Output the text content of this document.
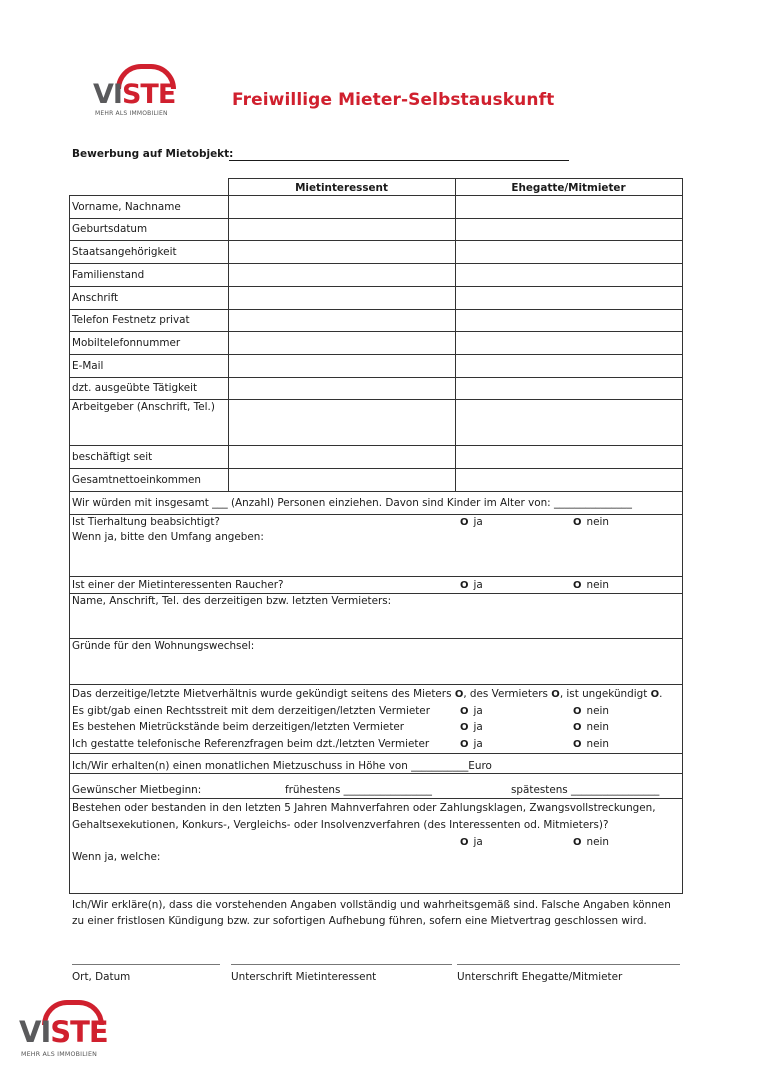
VISTE
MEHR ALS IMMOBILIEN
Freiwillige Mieter-Selbstauskunft
Bewerbung auf Mietobjekt:
Mietinteressent	Ehegatte/Mitmieter
Vorname, Nachname
Geburtsdatum
Staatsangehörigkeit
Familienstand
Anschrift
Telefon Festnetz privat
Mobiltelefonnummer
E-Mail
dzt. ausgeübte Tätigkeit
Arbeitgeber (Anschrift, Tel.)
beschäftigt seit
Gesamtnettoeinkommen
Wir würden mit insgesamt ___ (Anzahl) Personen einziehen. Davon sind Kinder im Alter von: _______________
Ist Tierhaltung beabsichtigt?	O ja	O nein
Wenn ja, bitte den Umfang angeben:
Ist einer der Mietinteressenten Raucher?	O ja	O nein
Name, Anschrift, Tel. des derzeitigen bzw. letzten Vermieters:
Gründe für den Wohnungswechsel:
Das derzeitige/letzte Mietverhältnis wurde gekündigt seitens des Mieters O, des Vermieters O, ist ungekündigt O.
Es gibt/gab einen Rechtsstreit mit dem derzeitigen/letzten Vermieter	O ja	O nein
Es bestehen Mietrückstände beim derzeitigen/letzten Vermieter	O ja	O nein
Ich gestatte telefonische Referenzfragen beim dzt./letzten Vermieter	O ja	O nein
Ich/Wir erhalten(n) einen monatlichen Mietzuschuss in Höhe von ___________Euro
Gewünscher Mietbeginn:	frühestens _________________	spätestens _________________
Bestehen oder bestanden in den letzten 5 Jahren Mahnverfahren oder Zahlungsklagen, Zwangsvollstreckungen,
Gehaltsexekutionen, Konkurs-, Vergleichs- oder Insolvenzverfahren (des Interessenten od. Mitmieters)?
O ja	O nein
Wenn ja, welche:
Ich/Wir erkläre(n), dass die vorstehenden Angaben vollständig und wahrheitsgemäß sind. Falsche Angaben können zu einer fristlosen Kündigung bzw. zur sofortigen Aufhebung führen, sofern eine Mietvertrag geschlossen wird.
Ort, Datum	Unterschrift Mietinteressent	Unterschrift Ehegatte/Mitmieter
VISTE
MEHR ALS IMMOBILIEN
